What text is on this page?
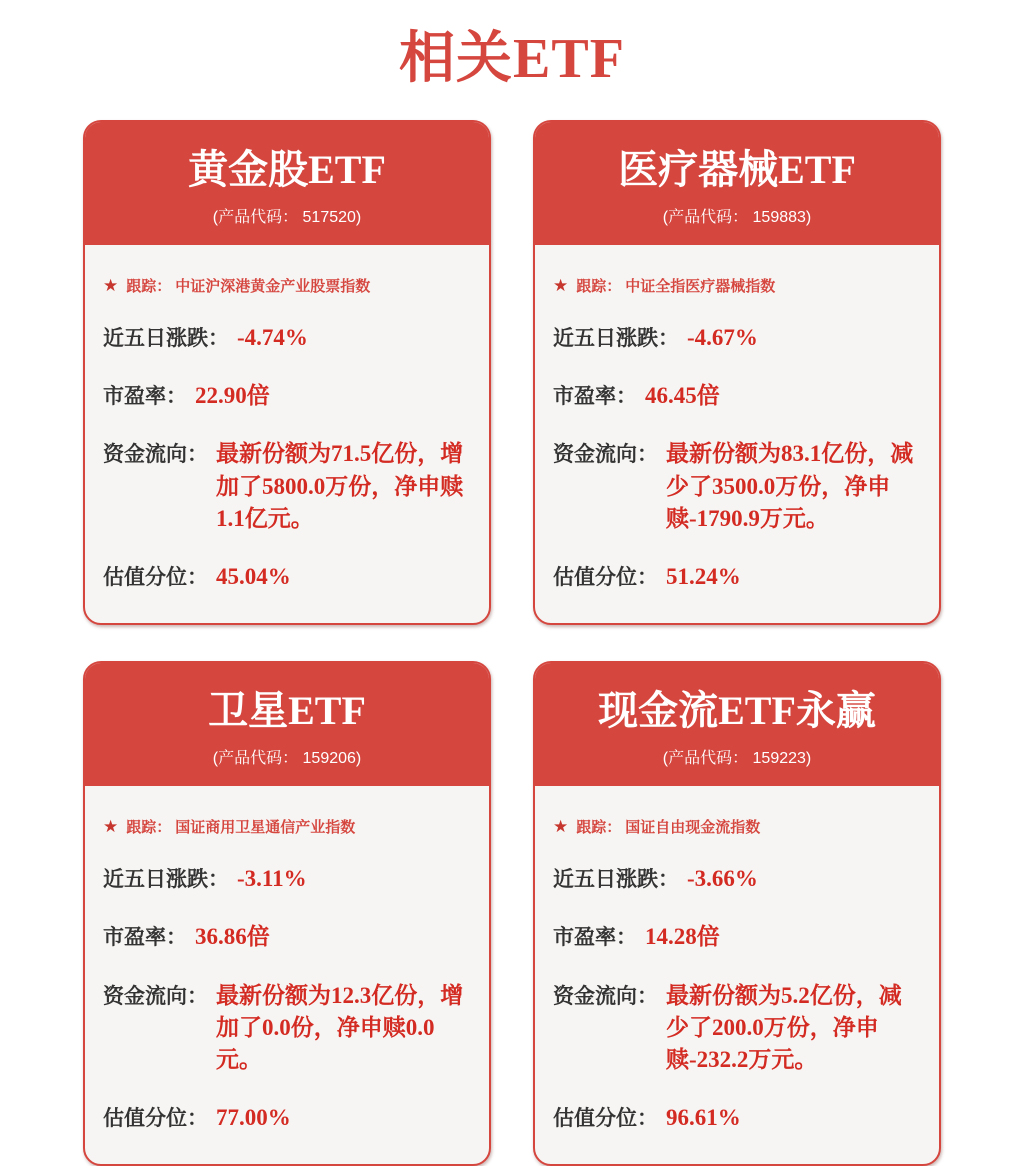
相关ETF
黄金股ETF
(产品代码： 517520)
★ 跟踪： 中证沪深港黄金产业股票指数
近五日涨跌： -4.74%
市盈率： 22.90倍
资金流向： 最新份额为71.5亿份，增加了5800.0万份，净申赎1.1亿元。
估值分位： 45.04%
医疗器械ETF
(产品代码： 159883)
★ 跟踪： 中证全指医疗器械指数
近五日涨跌： -4.67%
市盈率： 46.45倍
资金流向： 最新份额为83.1亿份，减少了3500.0万份，净申赎-1790.9万元。
估值分位： 51.24%
卫星ETF
(产品代码： 159206)
★ 跟踪： 国证商用卫星通信产业指数
近五日涨跌： -3.11%
市盈率： 36.86倍
资金流向： 最新份额为12.3亿份，增加了0.0份，净申赎0.0元。
估值分位： 77.00%
现金流ETF永赢
(产品代码： 159223)
★ 跟踪： 国证自由现金流指数
近五日涨跌： -3.66%
市盈率： 14.28倍
资金流向： 最新份额为5.2亿份，减少了200.0万份，净申赎-232.2万元。
估值分位： 96.61%
